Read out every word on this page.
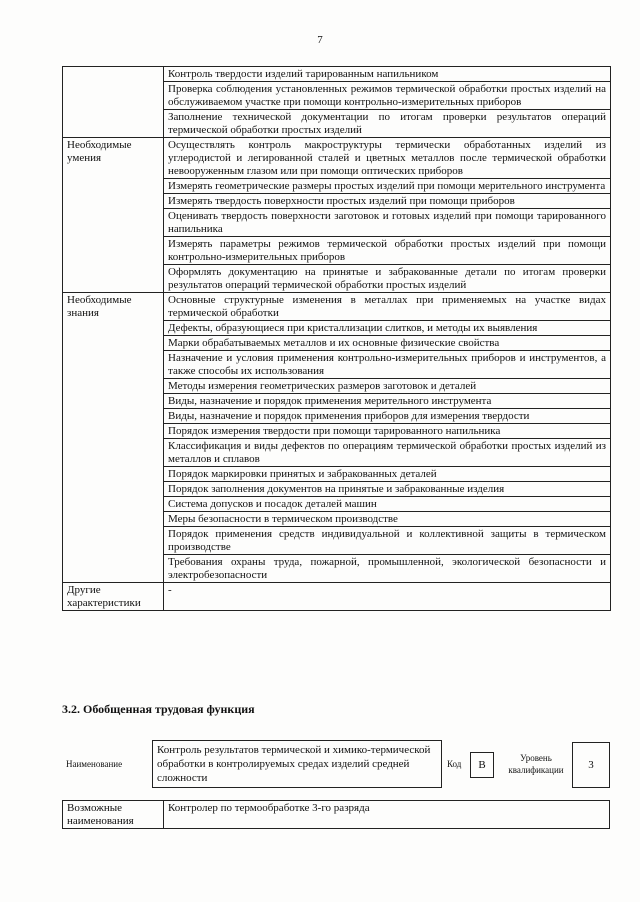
7
	Контроль твердости изделий тарированным напильником
	Проверка соблюдения установленных режимов термической обработки простых изделий на обслуживаемом участке при помощи контрольно-измерительных приборов
	Заполнение технической документации по итогам проверки результатов операций термической обработки простых изделий
Необходимые умения	Осуществлять контроль макроструктуры термически обработанных изделий из углеродистой и легированной сталей и цветных металлов после термической обработки невооруженным глазом или при помощи оптических приборов
	Измерять геометрические размеры простых изделий при помощи мерительного инструмента
	Измерять твердость поверхности простых изделий при помощи приборов
	Оценивать твердость поверхности заготовок и готовых изделий при помощи тарированного напильника
	Измерять параметры режимов термической обработки простых изделий при помощи контрольно-измерительных приборов
	Оформлять документацию на принятые и забракованные детали по итогам проверки результатов операций термической обработки простых изделий
Необходимые знания	Основные структурные изменения в металлах при применяемых на участке видах термической обработки
	Дефекты, образующиеся при кристаллизации слитков, и методы их выявления
	Марки обрабатываемых металлов и их основные физические свойства
	Назначение и условия применения контрольно-измерительных приборов и инструментов, а также способы их использования
	Методы измерения геометрических размеров заготовок и деталей
	Виды, назначение и порядок применения мерительного инструмента
	Виды, назначение и порядок применения приборов для измерения твердости
	Порядок измерения твердости при помощи тарированного напильника
	Классификация и виды дефектов по операциям термической обработки простых изделий из металлов и сплавов
	Порядок маркировки принятых и забракованных деталей
	Порядок заполнения документов на принятые и забракованные изделия
	Система допусков и посадок деталей машин
	Меры безопасности в термическом производстве
	Порядок применения средств индивидуальной и коллективной защиты в термическом производстве
	Требования охраны труда, пожарной, промышленной, экологической безопасности и электробезопасности
Другие характеристики	-
3.2. Обобщенная трудовая функция
Наименование
Контроль результатов термической и химико-термической обработки в контролируемых средах изделий средней сложности
Код	B
Уровень квалификации	3
Возможные наименования	Контролер по термообработке 3-го разряда
